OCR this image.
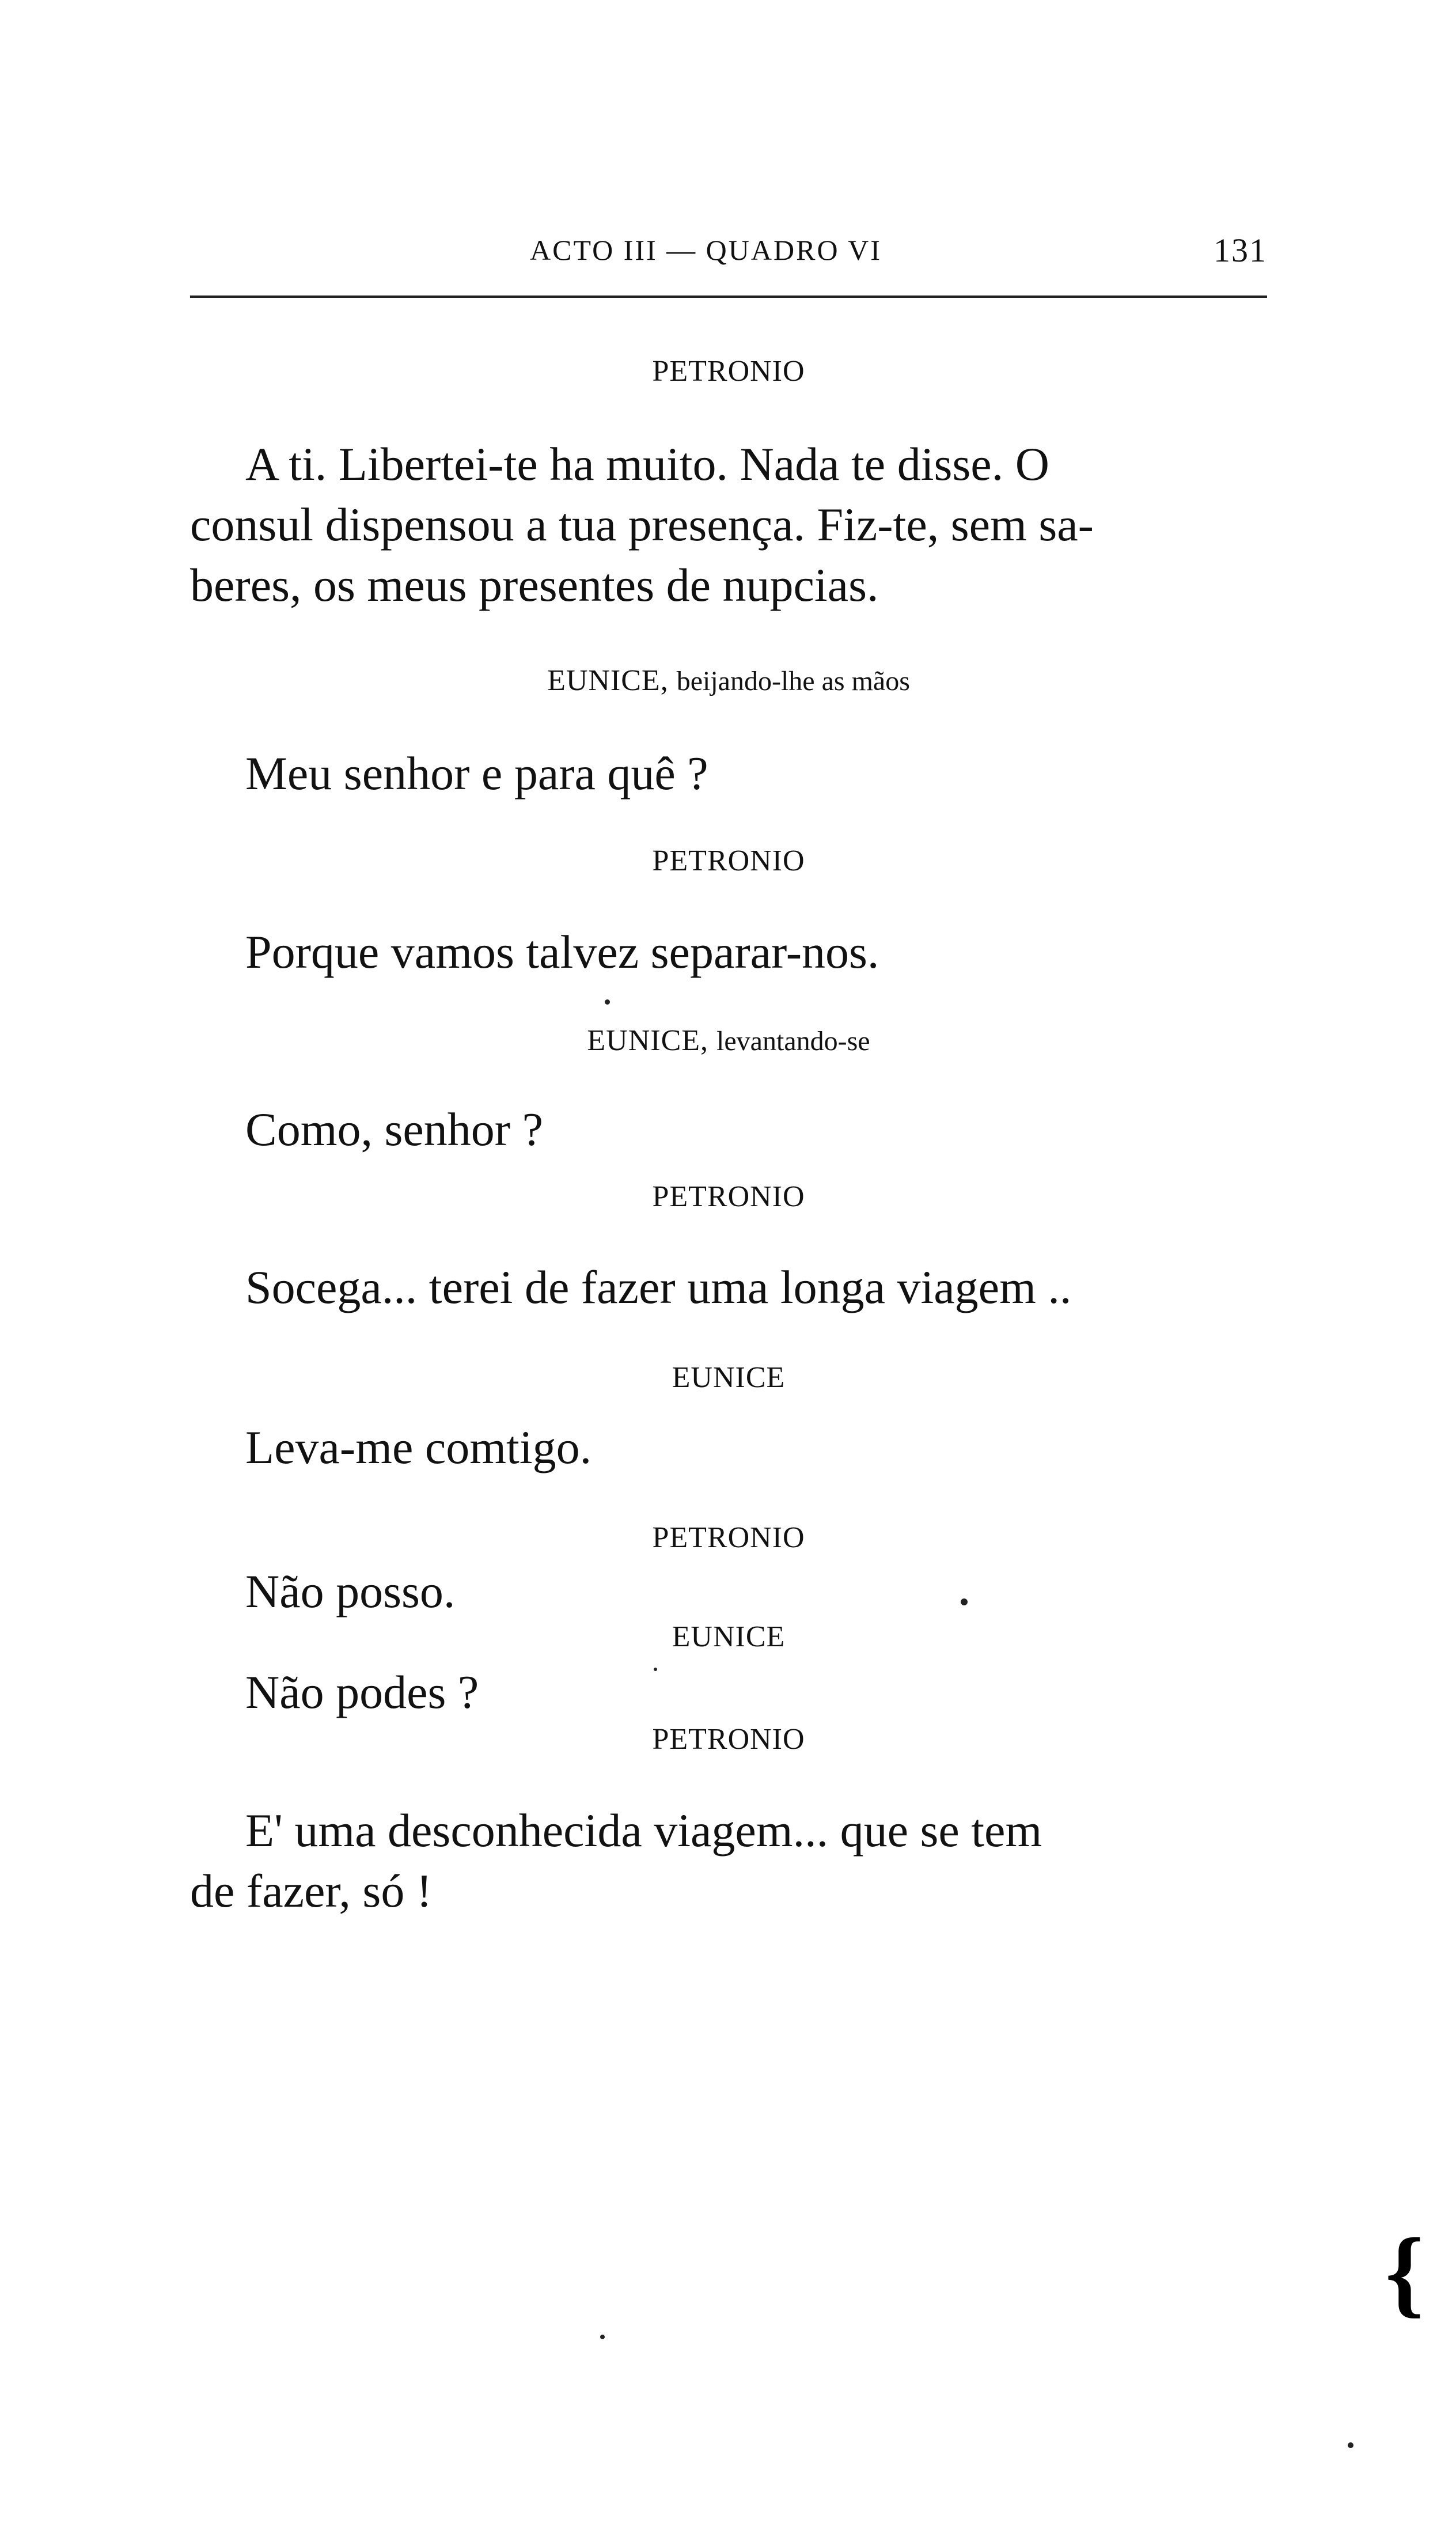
ACTO III — QUADRO VI	131
PETRONIO
A ti. Libertei-te ha muito. Nada te disse. O
consul dispensou a tua presença. Fiz-te, sem sa-
beres, os meus presentes de nupcias.
EUNICE, beijando-lhe as mãos
Meu senhor e para quê ?
PETRONIO
Porque vamos talvez separar-nos.
EUNICE, levantando-se
Como, senhor ?
PETRONIO
Socega... terei de fazer uma longa viagem ..
EUNICE
Leva-me comtigo.
PETRONIO
Não posso.
EUNICE
Não podes ?
PETRONIO
E' uma desconhecida viagem... que se tem
de fazer, só !
{
